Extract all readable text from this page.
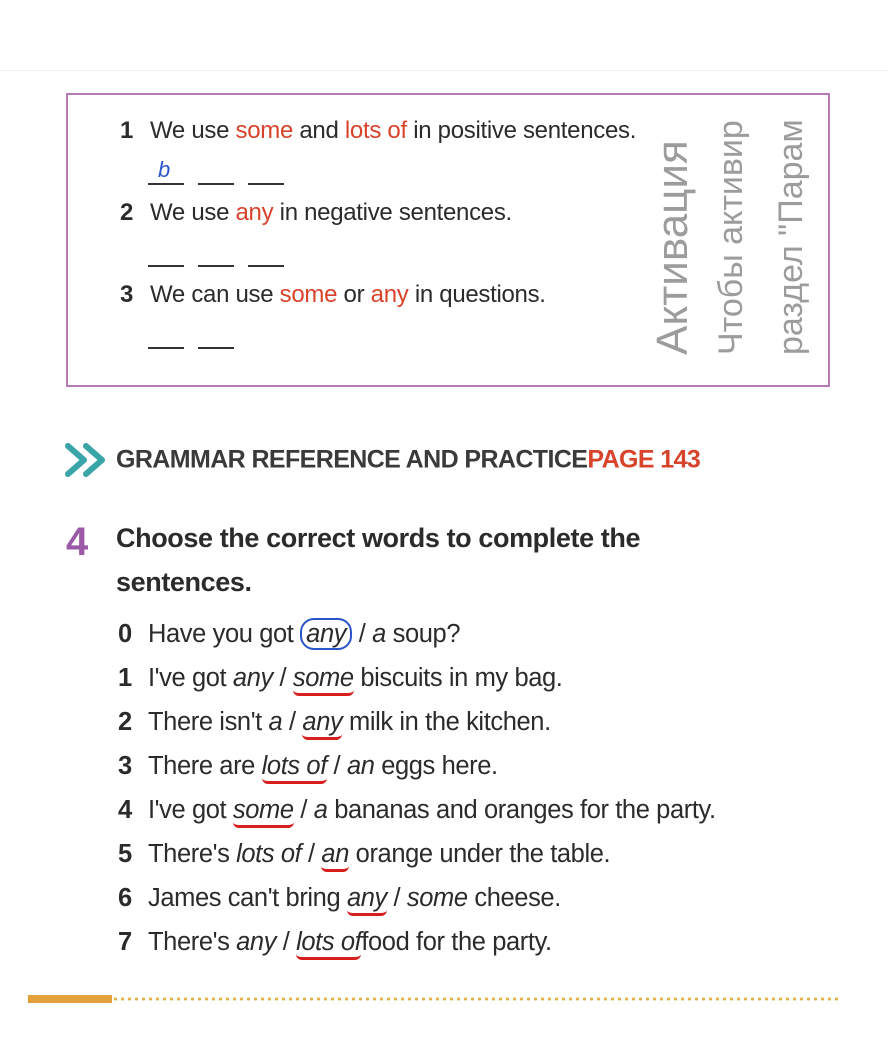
1 We use some and lots of in positive sentences.
b
2 We use any in negative sentences.
3 We can use some or any in questions. Активация Чтобы активир раздел "Парам
GRAMMAR REFERENCE AND PRACTICEPAGE 143
4 Choose the correct words to complete the sentences.
0 Have you got any / a soup?
1 I've got any / some biscuits in my bag.
2 There isn't a / any milk in the kitchen.
3 There are lots of / an eggs here.
4 I've got some / a bananas and oranges for the party.
5 There's lots of / an orange under the table.
6 James can't bring any / some cheese.
7 There's any / lots offood for the party.
